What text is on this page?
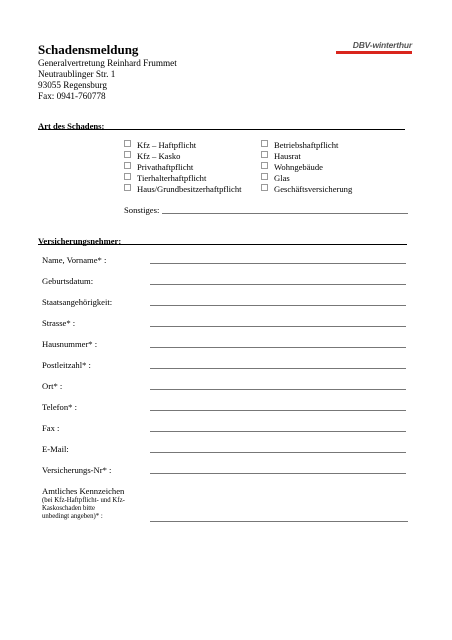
Schadensmeldung
Generalvertretung Reinhard Frummet
Neutraublinger Str. 1
93055 Regensburg
Fax: 0941-760778
DBV-winterthur
Art des Schadens:
Kfz – Haftpflicht
Kfz – Kasko
Privathaftpflicht
Tierhalterhaftpflicht
Haus/Grundbesitzerhaftpflicht
Betriebshaftpflicht
Hausrat
Wohngebäude
Glas
Geschäftsversicherung
Sonstiges:
Versicherungsnehmer:
Name, Vorname* :
Geburtsdatum:
Staatsangehörigkeit:
Strasse* :
Hausnummer* :
Postleitzahl* :
Ort* :
Telefon* :
Fax :
E-Mail:
Versicherungs-Nr* :
Amtliches Kennzeichen
(bei Kfz-Haftpflicht- und Kfz-
Kaskoschaden bitte
unbedingt angeben)* :
